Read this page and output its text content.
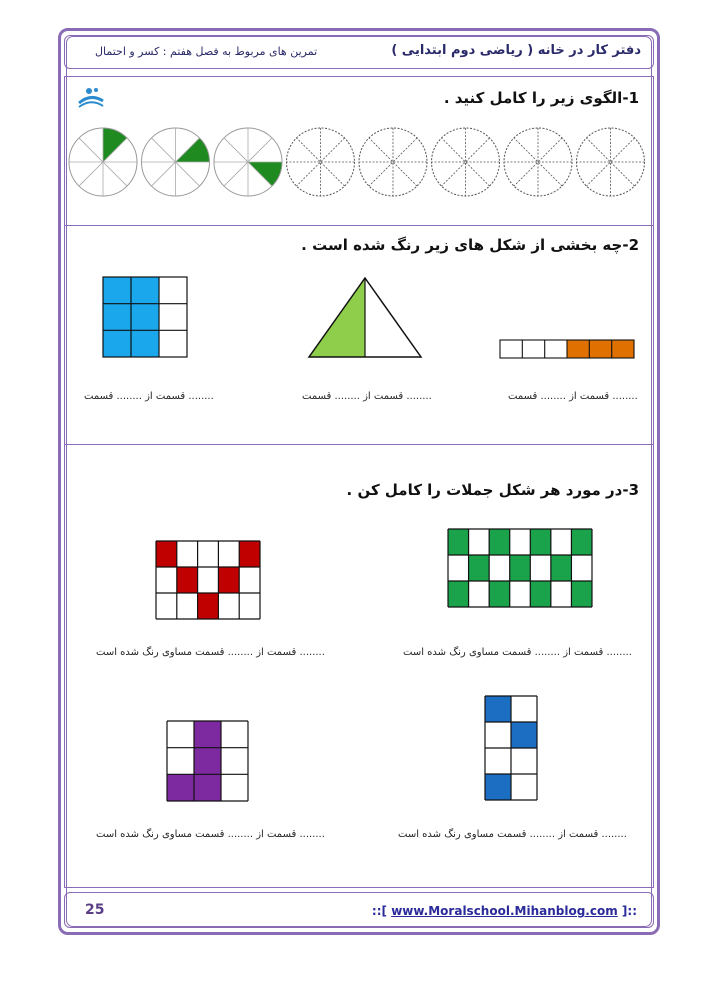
دفتر کار در خانه ( ریاضی دوم ابتدایی )
تمرین های مربوط به فصل هفتم : کسر و احتمال
1-الگوی زیر را کامل کنید .
2-چه بخشی از شکل های زیر رنگ شده است .
........ قسمت از ........ قسمت	........ قسمت از ........ قسمت	........ قسمت از ........ قسمت
3-در مورد هر شکل جملات را کامل کن .
........ قسمت از ........ قسمت مساوی رنگ شده است	........ قسمت از ........ قسمت مساوی رنگ شده است
........ قسمت از ........ قسمت مساوی رنگ شده است	........ قسمت از ........ قسمت مساوی رنگ شده است
25	::[ www.Moralschool.Mihanblog.com ]::
